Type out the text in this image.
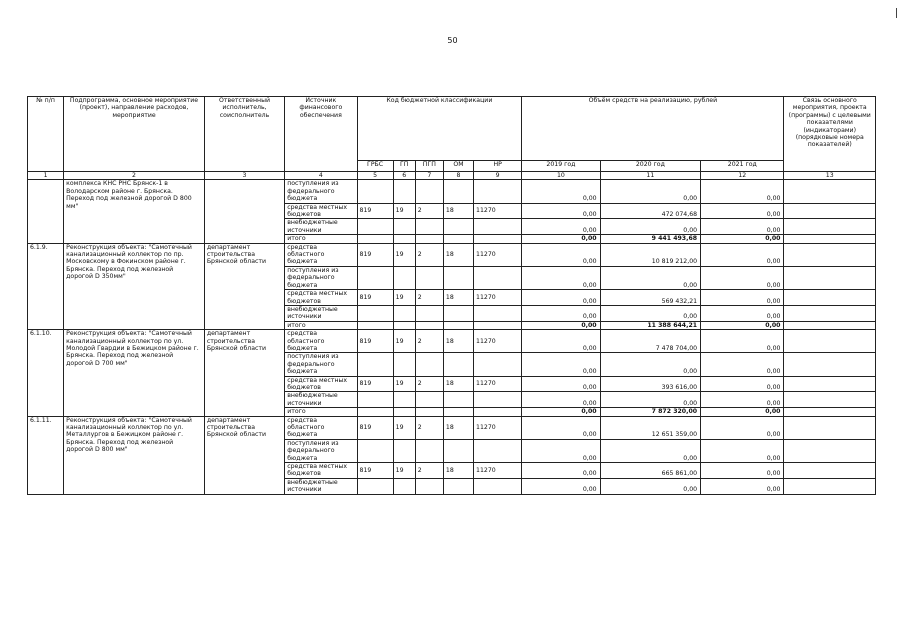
50
№ п/п	Подпрограмма, основное мероприятие (проект), направление расходов, мероприятие	Ответственный исполнитель, соисполнитель	Источник финансового обеспечения	Код бюджетной классификации					Объём средств на реализацию, рублей			Связь основного мероприятия, проекта (программы) с целевыми показателями (индикаторами) (порядковые номера показателей)
				ГРБС	ГП	ПГП	ОМ	НР	2019 год	2020 год	2021 год	
1	2	3	4	5	6	7	8	9	10	11	12	13
	комплекса КНС РНС Брянск-1 в Володарском районе г. Брянска. Переход под железной дорогой D 800 мм"		поступления из федерального бюджета						0,00	0,00	0,00	
			средства местных бюджетов	819	19	2	18	11270	0,00	472 074,68	0,00	
			внебюджетные источники						0,00	0,00	0,00	
			итого						0,00	9 441 493,68	0,00	
6.1.9.	Реконструкция объекта: "Самотечный канализационный коллектор по пр. Московскому в Фокинском районе г. Брянска. Переход под железной дорогой D 350мм"	департамент строительства Брянской области	средства областного бюджета	819	19	2	18	11270	0,00	10 819 212,00	0,00	
			поступления из федерального бюджета						0,00	0,00	0,00	
			средства местных бюджетов	819	19	2	18	11270	0,00	569 432,21	0,00	
			внебюджетные источники						0,00	0,00	0,00	
			итого						0,00	11 388 644,21	0,00	
6.1.10.	Реконструкция объекта: "Самотечный канализационный коллектор по ул. Молодой Гвардии в Бежицком районе г. Брянска. Переход под железной дорогой D 700 мм"	департамент строительства Брянской области	средства областного бюджета	819	19	2	18	11270	0,00	7 478 704,00	0,00	
			поступления из федерального бюджета						0,00	0,00	0,00	
			средства местных бюджетов	819	19	2	18	11270	0,00	393 616,00	0,00	
			внебюджетные источники						0,00	0,00	0,00	
			итого						0,00	7 872 320,00	0,00	
6.1.11.	Реконструкция объекта: "Самотечный канализационный коллектор по ул. Металлургов в Бежицком районе г. Брянска. Переход под железной дорогой D 800 мм"	департамент строительства Брянской области	средства областного бюджета	819	19	2	18	11270	0,00	12 651 359,00	0,00	
			поступления из федерального бюджета						0,00	0,00	0,00	
			средства местных бюджетов	819	19	2	18	11270	0,00	665 861,00	0,00	
			внебюджетные источники						0,00	0,00	0,00	
